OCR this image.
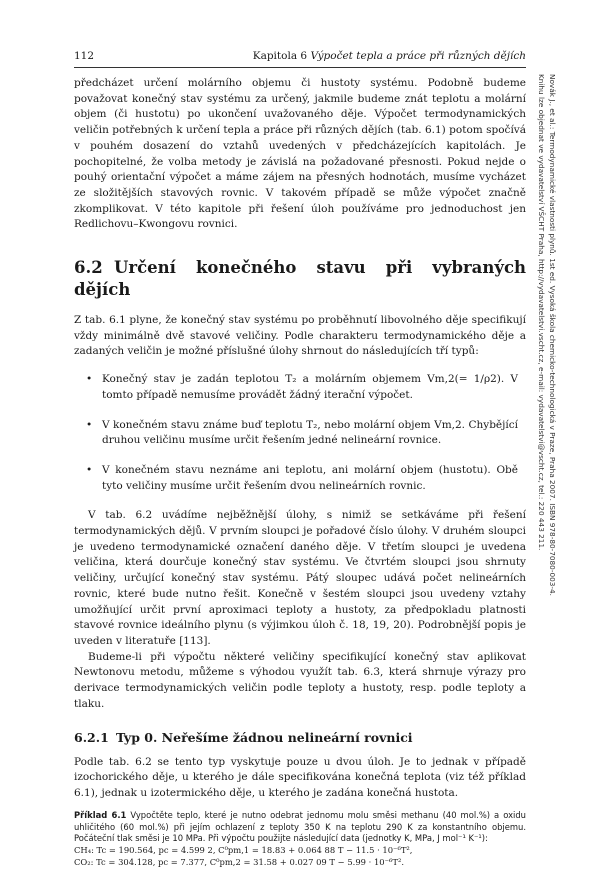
112	Kapitola 6 Výpočet tepla a práce při různých dějích

předcházet určení molárního objemu či hustoty systému. Podobně budeme považovat konečný stav systému za určený, jakmile budeme znát teplotu a molární objem (či hustotu) po ukončení uvažovaného děje. Výpočet termodynamických veličin potřebných k určení tepla a práce při různých dějích (tab. 6.1) potom spočívá v pouhém dosazení do vztahů uvedených v předcházejících kapitolách. Je pochopitelné, že volba metody je závislá na požadované přesnosti. Pokud nejde o pouhý orientační výpočet a máme zájem na přesných hodnotách, musíme vycházet ze složitějších stavových rovnic. V takovém případě se může výpočet značně zkomplikovat. V této kapitole při řešení úloh používáme pro jednoduchost jen Redlichovu–Kwongovu rovnici.

6.2 Určení konečného stavu při vybraných dějích

Z tab. 6.1 plyne, že konečný stav systému po proběhnutí libovolného děje specifikují vždy minimálně dvě stavové veličiny. Podle charakteru termodynamického děje a zadaných veličin je možné příslušné úlohy shrnout do následujících tří typů:

• Konečný stav je zadán teplotou T₂ a molárním objemem Vm,2(= 1/ρ2). V tomto případě nemusíme provádět žádný iterační výpočet.
• V konečném stavu známe buď teplotu T₂, nebo molární objem Vm,2. Chybějící druhou veličinu musíme určit řešením jedné nelineární rovnice.
• V konečném stavu neznáme ani teplotu, ani molární objem (hustotu). Obě tyto veličiny musíme určit řešením dvou nelineárních rovnic.

V tab. 6.2 uvádíme nejběžnější úlohy, s nimiž se setkáváme při řešení termodynamických dějů. V prvním sloupci je pořadové číslo úlohy. V druhém sloupci je uvedeno termodynamické označení daného děje. V třetím sloupci je uvedena veličina, která dourčuje konečný stav systému. Ve čtvrtém sloupci jsou shrnuty veličiny, určující konečný stav systému. Pátý sloupec udává počet nelineárních rovnic, které bude nutno řešit. Konečně v šestém sloupci jsou uvedeny vztahy umožňující určit první aproximaci teploty a hustoty, za předpokladu platnosti stavové rovnice ideálního plynu (s výjimkou úloh č. 18, 19, 20). Podrobnější popis je uveden v literatuře [113].

Budeme-li při výpočtu některé veličiny specifikující konečný stav aplikovat Newtonovu metodu, můžeme s výhodou využít tab. 6.3, která shrnuje výrazy pro derivace termodynamických veličin podle teploty a hustoty, resp. podle teploty a tlaku.

6.2.1 Typ 0. Neřešíme žádnou nelineární rovnici

Podle tab. 6.2 se tento typ vyskytuje pouze u dvou úloh. Je to jednak v případě izochorického děje, u kterého je dále specifikována konečná teplota (viz též příklad 6.1), jednak u izotermického děje, u kterého je zadána konečná hustota.

Příklad 6.1 Vypočtěte teplo, které je nutno odebrat jednomu molu směsi methanu (40 mol.%) a oxidu uhličitého (60 mol.%) při jejím ochlazení z teploty 350 K na teplotu 290 K za konstantního objemu. Počáteční tlak směsi je 10 MPa. Při výpočtu použijte následující data (jednotky K, MPa, J mol⁻¹ K⁻¹):
CH₄: Tc = 190.564, pc = 4.599 2, C⁰pm,1 = 18.83 + 0.064 88 T − 11.5 · 10⁻⁶T²,
CO₂: Tc = 304.128, pc = 7.377, C⁰pm,2 = 31.58 + 0.027 09 T − 5.99 · 10⁻⁶T².
Novák J., et al.: Termodynamické vlastnosti plynů. 1st ed. Vysoká škola chemicko-technologická v Praze, Praha 2007. ISBN 978-80-7080-003-4.
Knihu lze objednat ve vydavatelství VŠCHT Praha, http://vydavatelstvi.vscht.cz, e-mail: vydavatelstvi@vscht.cz, tel.: 220 443 211.
